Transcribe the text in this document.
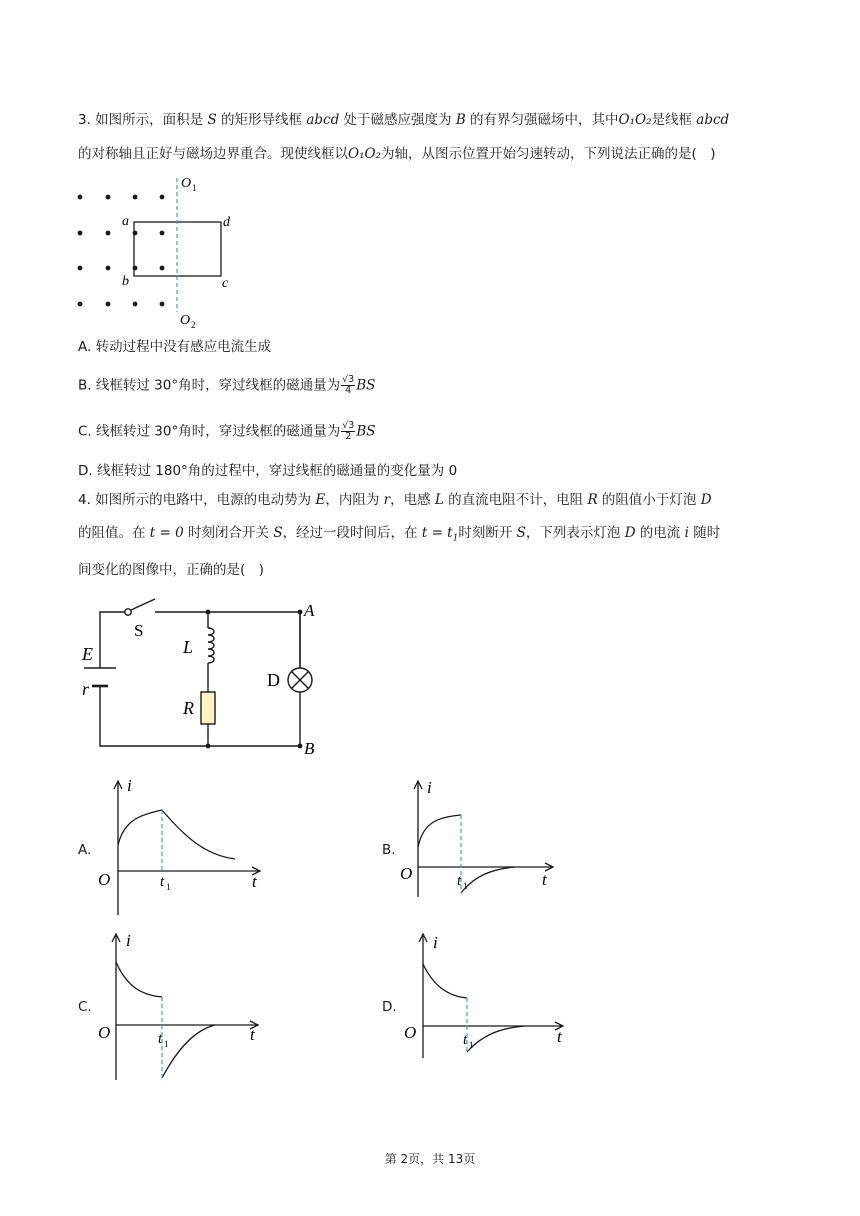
3. 如图所示，面积是 S 的矩形导线框 abcd 处于磁感应强度为 B 的有界匀强磁场中，其中O₁O₂是线框 abcd
的对称轴且正好与磁场边界重合。现使线框以O₁O₂为轴，从图示位置开始匀速转动，下列说法正确的是(　)
O 1
O 2
a
b
d
c
A. 转动过程中没有感应电流生成
B. 线框转过 30°角时，穿过线框的磁通量为 $\frac{√3}{4}$ BS
C. 线框转过 30°角时，穿过线框的磁通量为 $\frac{√3}{2}$ BS
D. 线框转过 180°角的过程中，穿过线框的磁通量的变化量为 0
4. 如图所示的电路中，电源的电动势为 E，内阻为 r，电感 L 的直流电阻不计，电阻 R 的阻值小于灯泡 D
的阻值。在 t = 0 时刻闭合开关 S，经过一段时间后，在 $t = t_1$时刻断开 S，下列表示灯泡 D 的电流 i 随时
间变化的图像中，正确的是(　)
S
E
r
L
R
D
A
B
A.
i
O	t 1	t
B.
i
O	t 1	t
C.
i
O	t 1	t
D.
i
O	t 1	t
第 2页，共 13页
